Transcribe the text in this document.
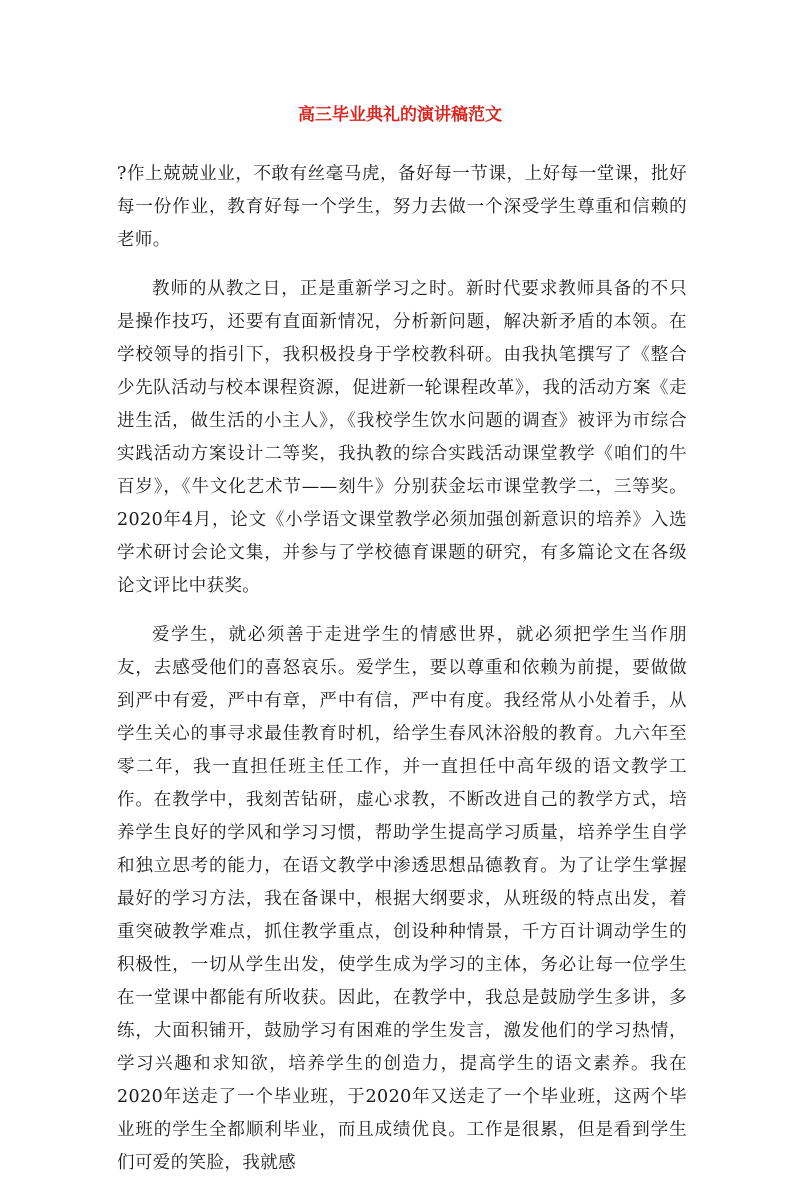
高三毕业典礼的演讲稿范文

?作上兢兢业业，不敢有丝毫马虎，备好每一节课，上好每一堂课，批好每一份作业，教育好每一个学生，努力去做一个深受学生尊重和信赖的老师。

教师的从教之日，正是重新学习之时。新时代要求教师具备的不只是操作技巧，还要有直面新情况，分析新问题，解决新矛盾的本领。在学校领导的指引下，我积极投身于学校教科研。由我执笔撰写了《整合少先队活动与校本课程资源，促进新一轮课程改革》，我的活动方案《走进生活，做生活的小主人》，《我校学生饮水问题的调查》被评为市综合实践活动方案设计二等奖，我执教的综合实践活动课堂教学《咱们的牛百岁》，《牛文化艺术节——刻牛》分别获金坛市课堂教学二，三等奖。2020年4月，论文《小学语文课堂教学必须加强创新意识的培养》入选学术研讨会论文集，并参与了学校德育课题的研究，有多篇论文在各级论文评比中获奖。

爱学生，就必须善于走进学生的情感世界，就必须把学生当作朋友，去感受他们的喜怒哀乐。爱学生，要以尊重和依赖为前提，要做做到严中有爱，严中有章，严中有信，严中有度。我经常从小处着手，从学生关心的事寻求最佳教育时机，给学生春风沐浴般的教育。九六年至零二年，我一直担任班主任工作，并一直担任中高年级的语文教学工作。在教学中，我刻苦钻研，虚心求教，不断改进自己的教学方式，培养学生良好的学风和学习习惯，帮助学生提高学习质量，培养学生自学和独立思考的能力，在语文教学中渗透思想品德教育。为了让学生掌握最好的学习方法，我在备课中，根据大纲要求，从班级的特点出发，着重突破教学难点，抓住教学重点，创设种种情景，千方百计调动学生的积极性，一切从学生出发，使学生成为学习的主体，务必让每一位学生在一堂课中都能有所收获。因此，在教学中，我总是鼓励学生多讲，多练，大面积铺开，鼓励学习有困难的学生发言，激发他们的学习热情，学习兴趣和求知欲，培养学生的创造力，提高学生的语文素养。我在2020年送走了一个毕业班，于2020年又送走了一个毕业班，这两个毕业班的学生全都顺利毕业，而且成绩优良。工作是很累，但是看到学生们可爱的笑脸，我就感
